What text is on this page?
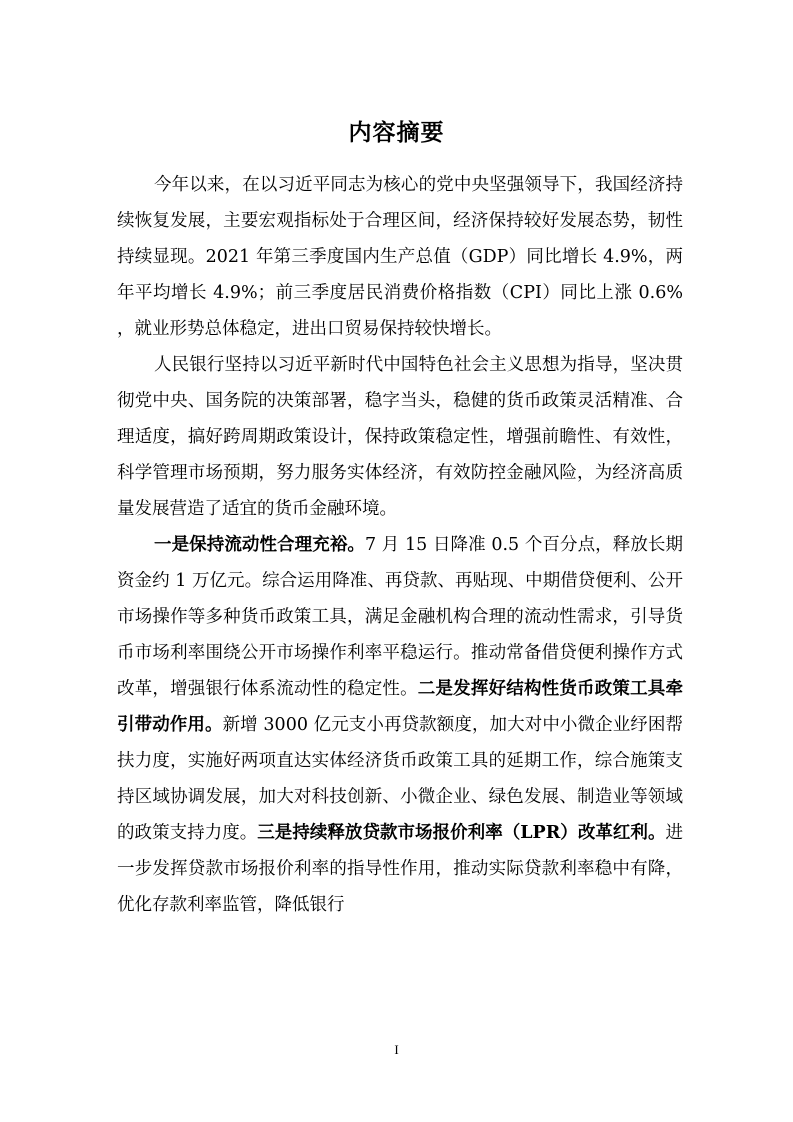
内容摘要

今年以来，在以习近平同志为核心的党中央坚强领导下，我国经济持续恢复发展，主要宏观指标处于合理区间，经济保持较好发展态势，韧性持续显现。2021 年第三季度国内生产总值（GDP）同比增长 4.9%，两年平均增长 4.9%；前三季度居民消费价格指数（CPI）同比上涨 0.6%，就业形势总体稳定，进出口贸易保持较快增长。

人民银行坚持以习近平新时代中国特色社会主义思想为指导，坚决贯彻党中央、国务院的决策部署，稳字当头，稳健的货币政策灵活精准、合理适度，搞好跨周期政策设计，保持政策稳定性，增强前瞻性、有效性，科学管理市场预期，努力服务实体经济，有效防控金融风险，为经济高质量发展营造了适宜的货币金融环境。

一是保持流动性合理充裕。7 月 15 日降准 0.5 个百分点，释放长期资金约 1 万亿元。综合运用降准、再贷款、再贴现、中期借贷便利、公开市场操作等多种货币政策工具，满足金融机构合理的流动性需求，引导货币市场利率围绕公开市场操作利率平稳运行。推动常备借贷便利操作方式改革，增强银行体系流动性的稳定性。二是发挥好结构性货币政策工具牵引带动作用。新增 3000 亿元支小再贷款额度，加大对中小微企业纾困帮扶力度，实施好两项直达实体经济货币政策工具的延期工作，综合施策支持区域协调发展，加大对科技创新、小微企业、绿色发展、制造业等领域的政策支持力度。三是持续释放贷款市场报价利率（LPR）改革红利。进一步发挥贷款市场报价利率的指导性作用，推动实际贷款利率稳中有降，优化存款利率监管，降低银行

I
